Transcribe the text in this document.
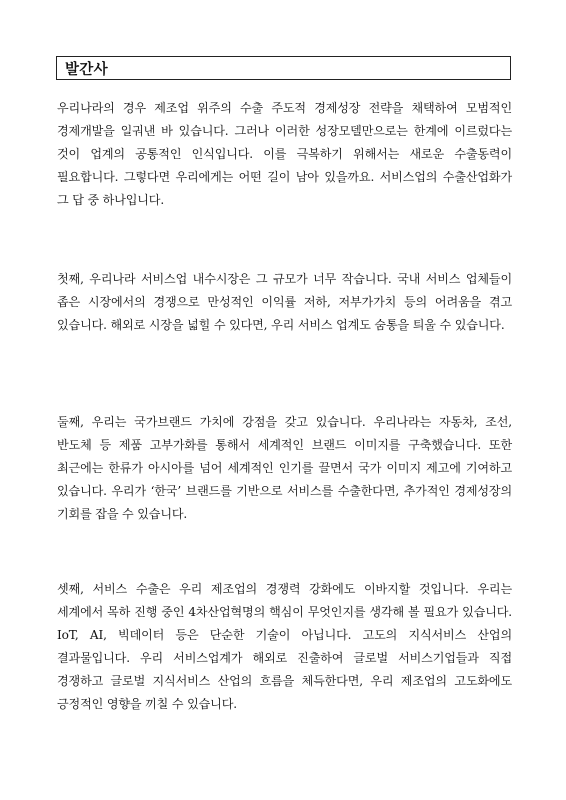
발간사

우리나라의 경우 제조업 위주의 수출 주도적 경제성장 전략을 채택하여 모범적인 경제개발을 일궈낸 바 있습니다. 그러나 이러한 성장모델만으로는 한계에 이르렀다는 것이 업계의 공통적인 인식입니다. 이를 극복하기 위해서는 새로운 수출동력이 필요합니다. 그렇다면 우리에게는 어떤 길이 남아 있을까요. 서비스업의 수출산업화가 그 답 중 하나입니다.

첫째, 우리나라 서비스업 내수시장은 그 규모가 너무 작습니다. 국내 서비스 업체들이 좁은 시장에서의 경쟁으로 만성적인 이익률 저하, 저부가가치 등의 어려움을 겪고 있습니다. 해외로 시장을 넓힐 수 있다면, 우리 서비스 업계도 숨통을 틔울 수 있습니다.

둘째, 우리는 국가브랜드 가치에 강점을 갖고 있습니다. 우리나라는 자동차, 조선, 반도체 등 제품 고부가화를 통해서 세계적인 브랜드 이미지를 구축했습니다. 또한 최근에는 한류가 아시아를 넘어 세계적인 인기를 끌면서 국가 이미지 제고에 기여하고 있습니다. 우리가 ‘한국’ 브랜드를 기반으로 서비스를 수출한다면, 추가적인 경제성장의 기회를 잡을 수 있습니다.

셋째, 서비스 수출은 우리 제조업의 경쟁력 강화에도 이바지할 것입니다. 우리는 세계에서 목하 진행 중인 4차산업혁명의 핵심이 무엇인지를 생각해 볼 필요가 있습니다. IoT, AI, 빅데이터 등은 단순한 기술이 아닙니다. 고도의 지식서비스 산업의 결과물입니다. 우리 서비스업계가 해외로 진출하여 글로벌 서비스기업들과 직접 경쟁하고 글로벌 지식서비스 산업의 흐름을 체득한다면, 우리 제조업의 고도화에도 긍정적인 영향을 끼칠 수 있습니다.
